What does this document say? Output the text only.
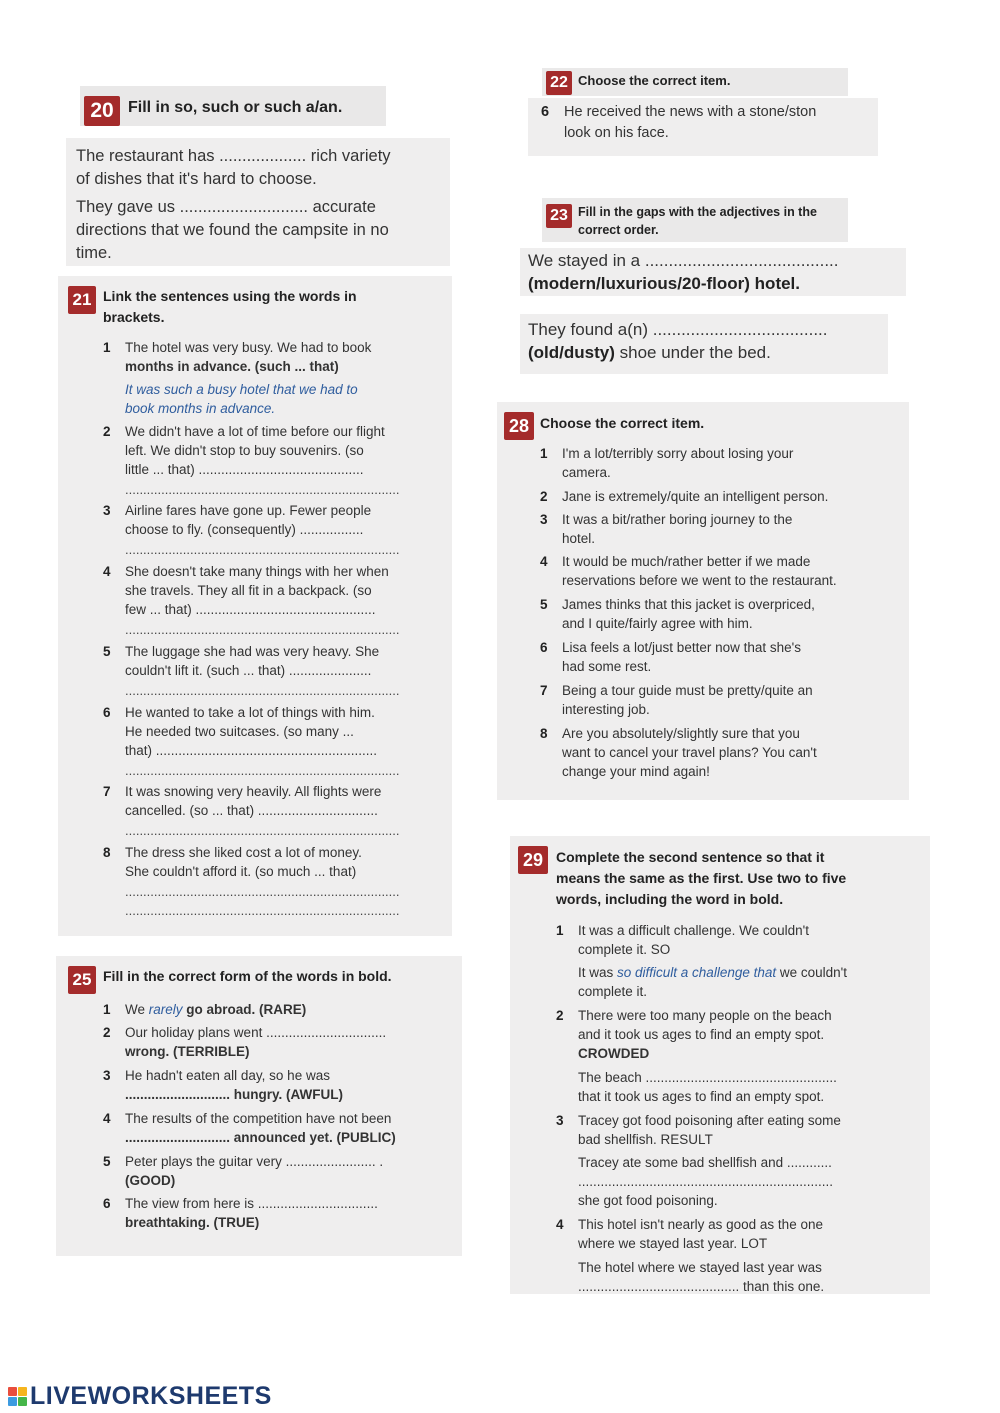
20 Fill in so, such or such a/an.
The restaurant has ................... rich variety
of dishes that it's hard to choose.
They gave us ............................ accurate
directions that we found the campsite in no
time.
21 Link the sentences using the words in
brackets.
1 The hotel was very busy. We had to book
months in advance. (such ... that)
It was such a busy hotel that we had to
book months in advance.
2 We didn't have a lot of time before our flight
left. We didn't stop to buy souvenirs. (so
little ... that) ............................................
............................................................................
3 Airline fares have gone up. Fewer people
choose to fly. (consequently) .................
............................................................................
4 She doesn't take many things with her when
she travels. They all fit in a backpack. (so
few ... that) ................................................
............................................................................
5 The luggage she had was very heavy. She
couldn't lift it. (such ... that) ......................
............................................................................
6 He wanted to take a lot of things with him.
He needed two suitcases. (so many ...
that) ...........................................................
............................................................................
7 It was snowing very heavily. All flights were
cancelled. (so ... that) ................................
............................................................................
8 The dress she liked cost a lot of money.
She couldn't afford it. (so much ... that)
............................................................................
............................................................................
25 Fill in the correct form of the words in bold.
1 We rarely go abroad. (RARE)
2 Our holiday plans went ................................
wrong. (TERRIBLE)
3 He hadn't eaten all day, so he was
............................ hungry. (AWFUL)
4 The results of the competition have not been
............................ announced yet. (PUBLIC)
5 Peter plays the guitar very ........................ .
(GOOD)
6 The view from here is ................................
breathtaking. (TRUE)
22 Choose the correct item.
6 He received the news with a stone/ston
look on his face.
23 Fill in the gaps with the adjectives in the
correct order.
We stayed in a .........................................
(modern/luxurious/20-floor) hotel.
They found a(n) .....................................
(old/dusty) shoe under the bed.
28 Choose the correct item.
1 I'm a lot/terribly sorry about losing your
camera.
2 Jane is extremely/quite an intelligent person.
3 It was a bit/rather boring journey to the
hotel.
4 It would be much/rather better if we made
reservations before we went to the restaurant.
5 James thinks that this jacket is overpriced,
and I quite/fairly agree with him.
6 Lisa feels a lot/just better now that she's
had some rest.
7 Being a tour guide must be pretty/quite an
interesting job.
8 Are you absolutely/slightly sure that you
want to cancel your travel plans? You can't
change your mind again!
29 Complete the second sentence so that it
means the same as the first. Use two to five
words, including the word in bold.
1 It was a difficult challenge. We couldn't
complete it. SO
It was so difficult a challenge that we couldn't
complete it.
2 There were too many people on the beach
and it took us ages to find an empty spot.
CROWDED
The beach ...................................................
that it took us ages to find an empty spot.
3 Tracey got food poisoning after eating some
bad shellfish. RESULT
Tracey ate some bad shellfish and ............
....................................................................
she got food poisoning.
4 This hotel isn't nearly as good as the one
where we stayed last year. LOT
The hotel where we stayed last year was
........................................... than this one.
LIVEWORKSHEETS
